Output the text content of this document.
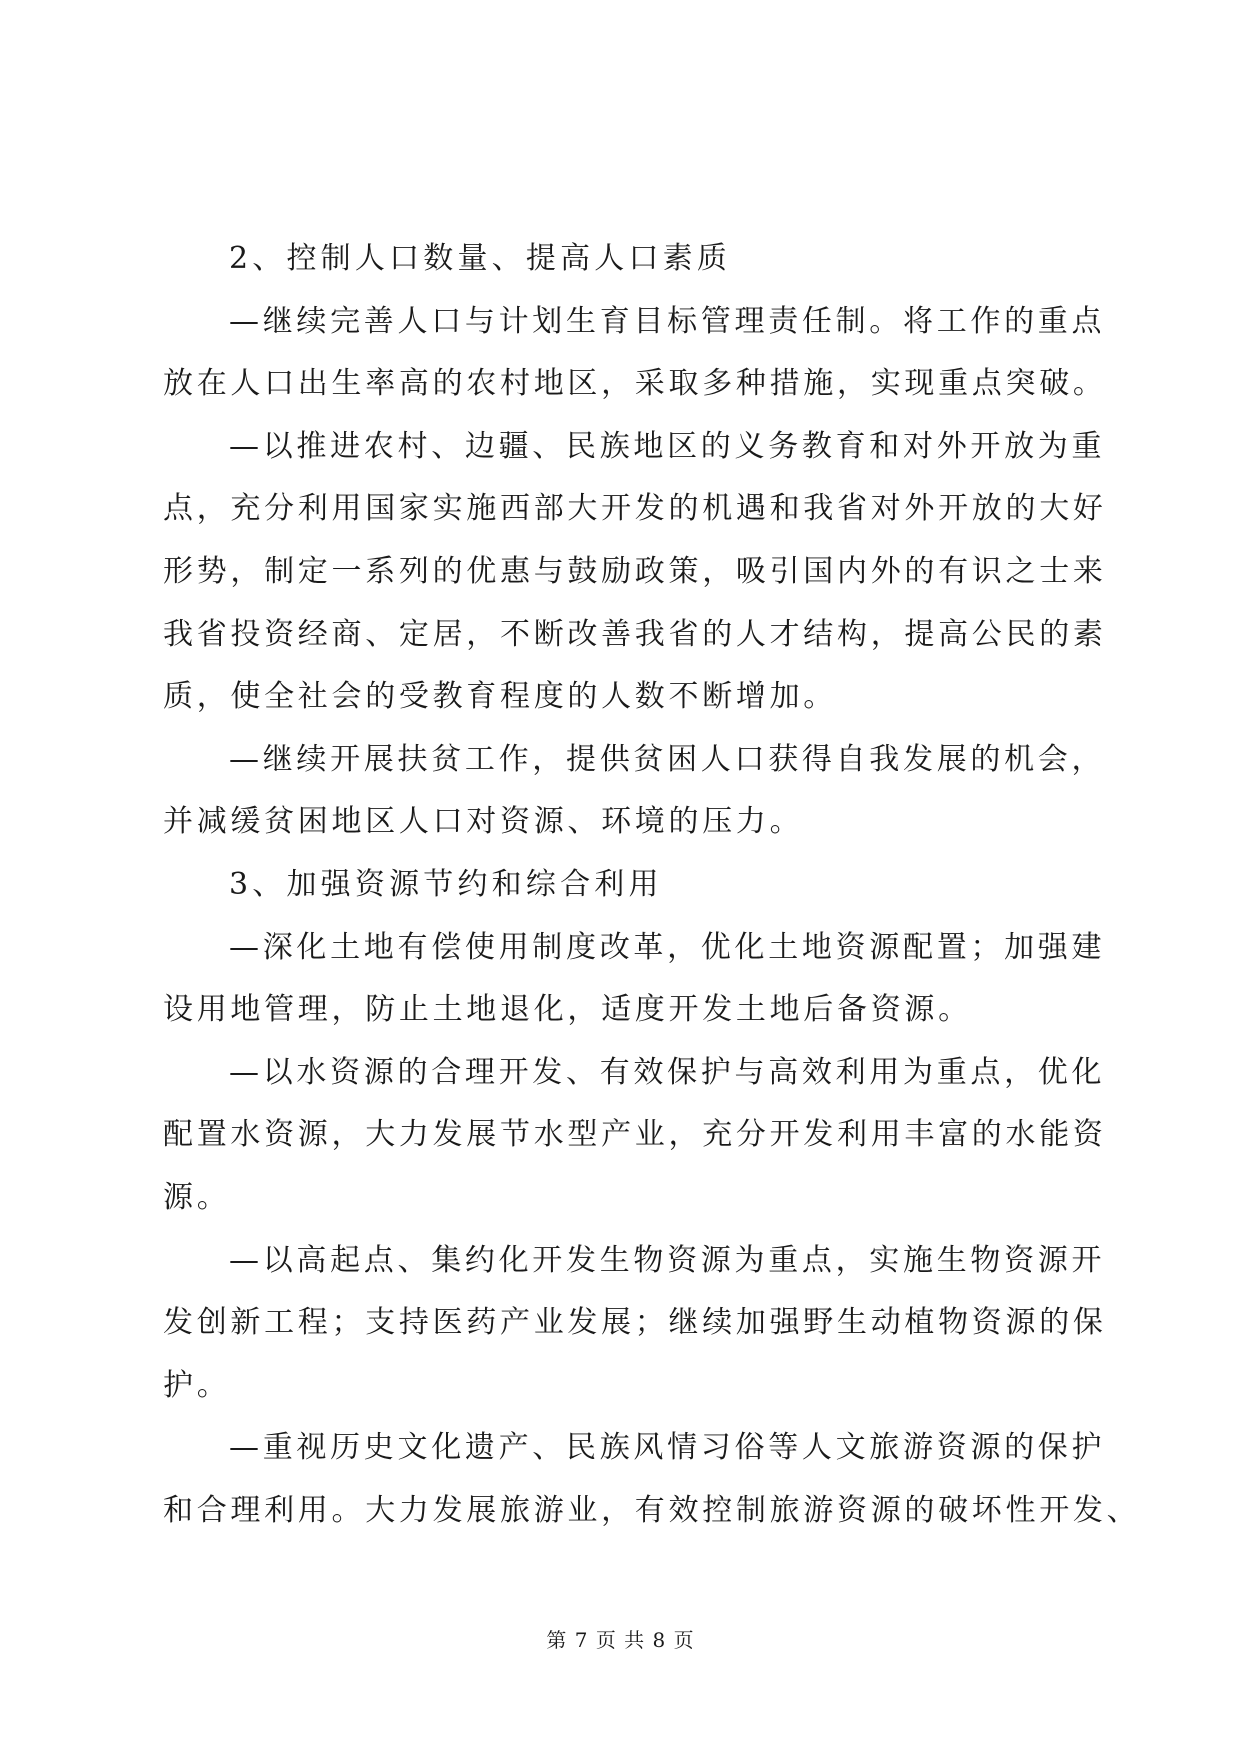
2、控制人口数量、提高人口素质
—继续完善人口与计划生育目标管理责任制。将工作的重点
放在人口出生率高的农村地区，采取多种措施，实现重点突破。
—以推进农村、边疆、民族地区的义务教育和对外开放为重
点，充分利用国家实施西部大开发的机遇和我省对外开放的大好
形势，制定一系列的优惠与鼓励政策，吸引国内外的有识之士来
我省投资经商、定居，不断改善我省的人才结构，提高公民的素
质，使全社会的受教育程度的人数不断增加。
—继续开展扶贫工作，提供贫困人口获得自我发展的机会，
并减缓贫困地区人口对资源、环境的压力。
3、加强资源节约和综合利用
—深化土地有偿使用制度改革，优化土地资源配置；加强建
设用地管理，防止土地退化，适度开发土地后备资源。
—以水资源的合理开发、有效保护与高效利用为重点，优化
配置水资源，大力发展节水型产业，充分开发利用丰富的水能资
源。
—以高起点、集约化开发生物资源为重点，实施生物资源开
发创新工程；支持医药产业发展；继续加强野生动植物资源的保
护。
—重视历史文化遗产、民族风情习俗等人文旅游资源的保护
和合理利用。大力发展旅游业，有效控制旅游资源的破坏性开发、
第 7 页 共 8 页
